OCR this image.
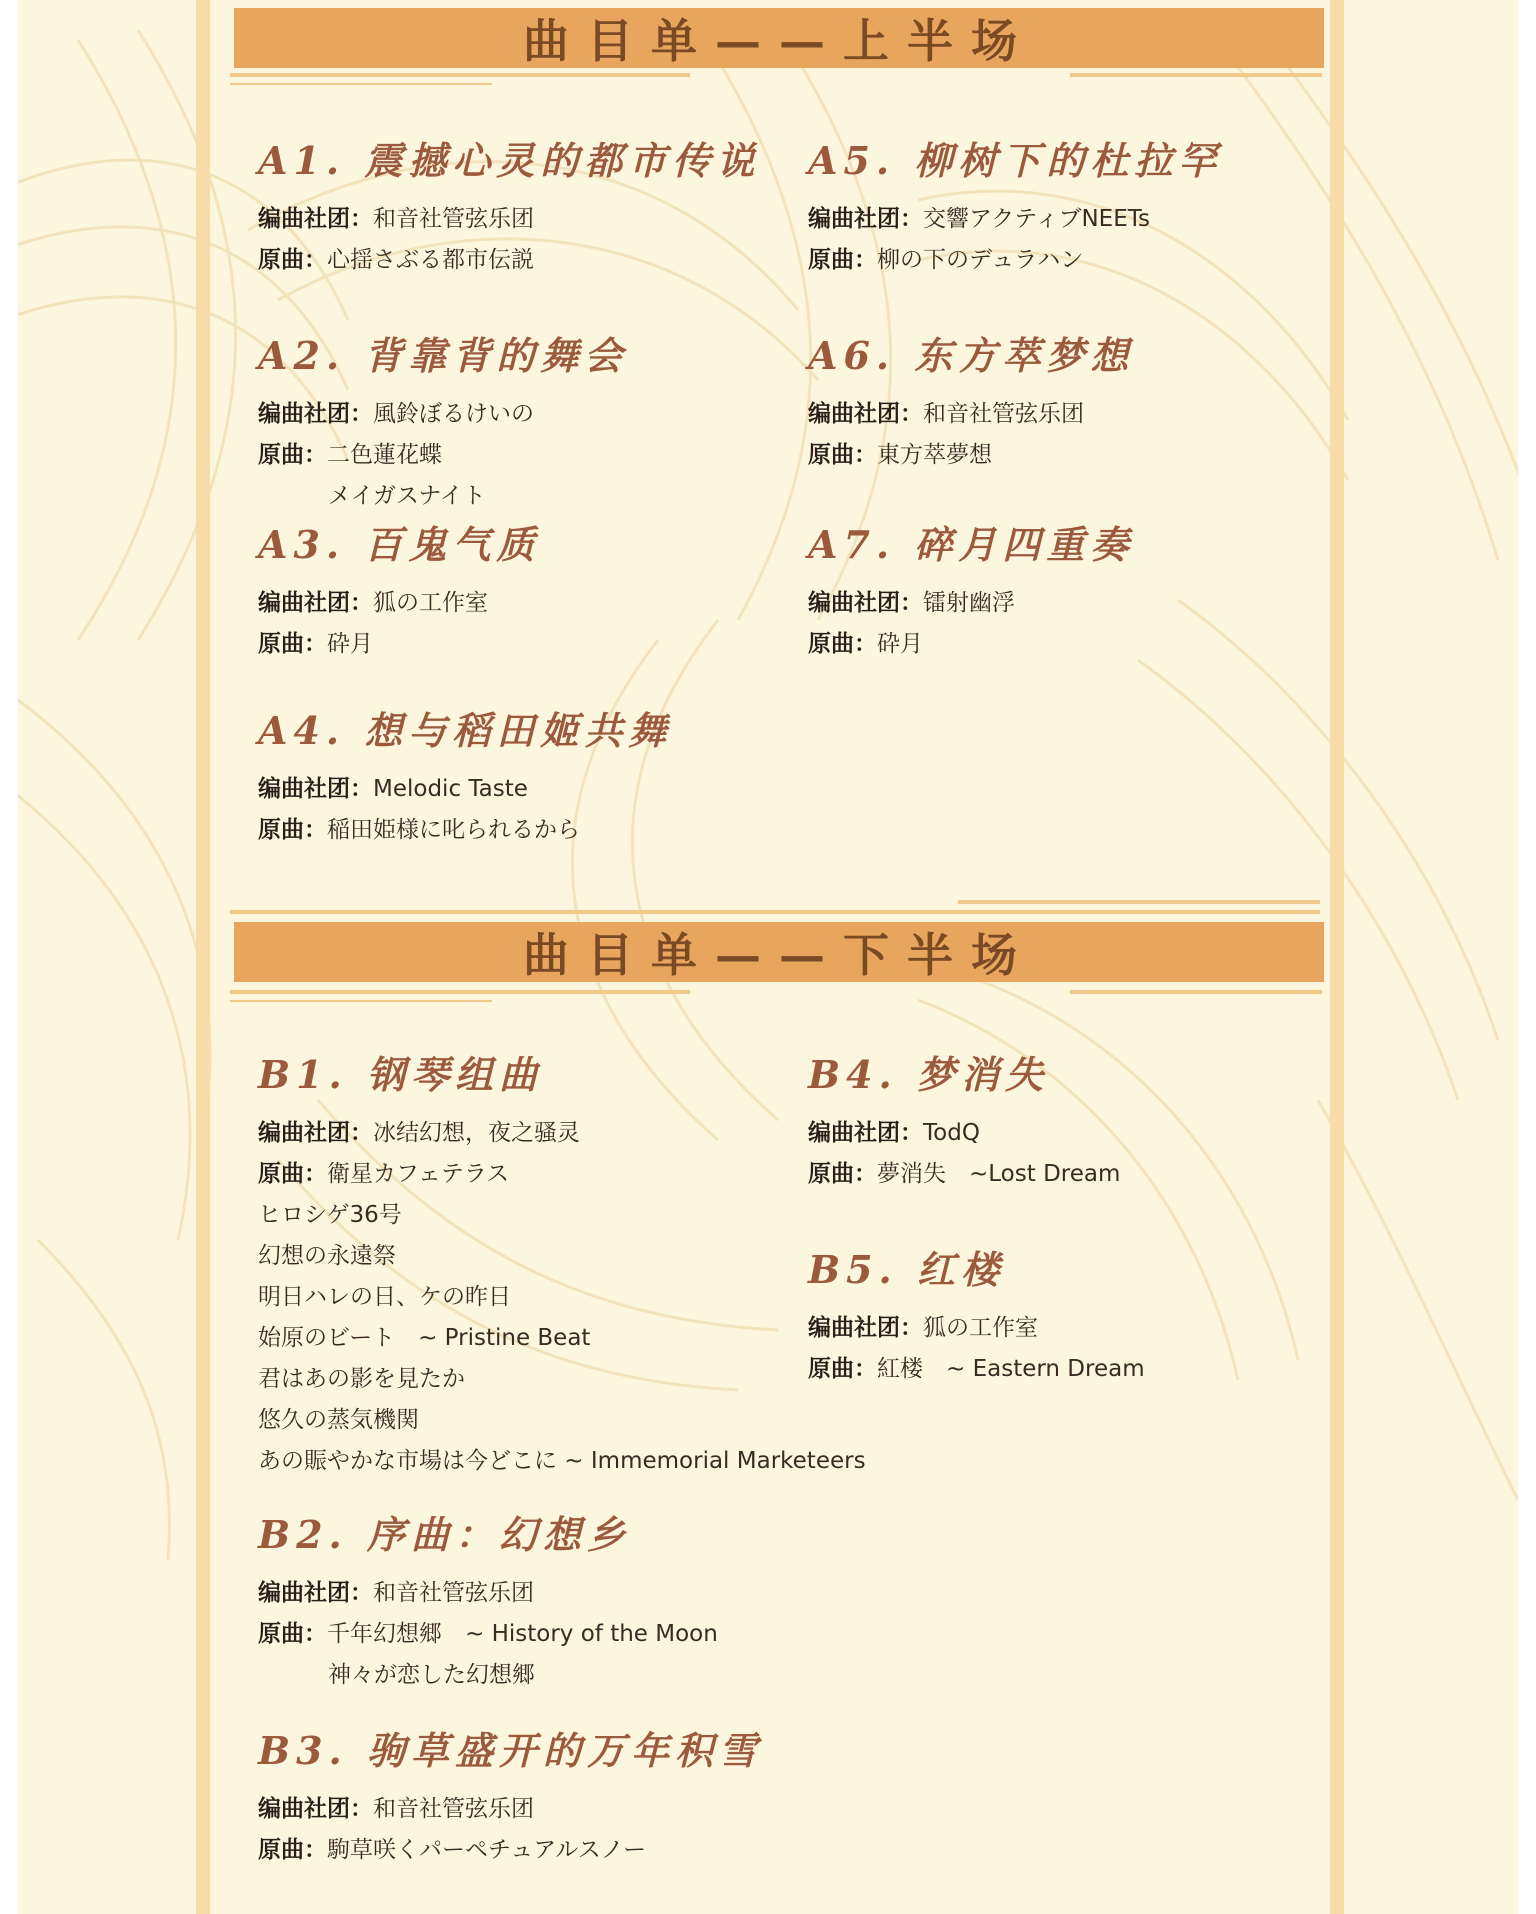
曲目单——上半场
A1. 震撼心灵的都市传说
编曲社团：和音社管弦乐团
原曲：心揺さぶる都市伝説
A2. 背靠背的舞会
编曲社团：風鈴ぼるけいの
原曲：二色蓮花蝶
メイガスナイト
A3. 百鬼气质
编曲社团：狐の工作室
原曲：砕月
A4. 想与稻田姬共舞
编曲社团：Melodic Taste
原曲：稲田姫様に叱られるから
A5. 柳树下的杜拉罕
编曲社团：交響アクティブNEETs
原曲：柳の下のデュラハン
A6. 东方萃梦想
编曲社团：和音社管弦乐团
原曲：東方萃夢想
A7. 碎月四重奏
编曲社团：镭射幽浮
原曲：砕月
曲目单——下半场
B1. 钢琴组曲
编曲社团：冰结幻想，夜之骚灵
原曲：衛星カフェテラス
ヒロシゲ36号
幻想の永遠祭
明日ハレの日、ケの昨日
始原のビート　~ Pristine Beat
君はあの影を見たか
悠久の蒸気機関
あの賑やかな市場は今どこに ~ Immemorial Marketeers
B2. 序曲：幻想乡
编曲社团：和音社管弦乐团
原曲：千年幻想郷　~ History of the Moon
神々が恋した幻想郷
B3. 驹草盛开的万年积雪
编曲社团：和音社管弦乐团
原曲：駒草咲くパーペチュアルスノー
B4. 梦消失
编曲社团：TodQ
原曲：夢消失　~Lost Dream
B5. 红楼
编曲社团：狐の工作室
原曲：紅楼　~ Eastern Dream
